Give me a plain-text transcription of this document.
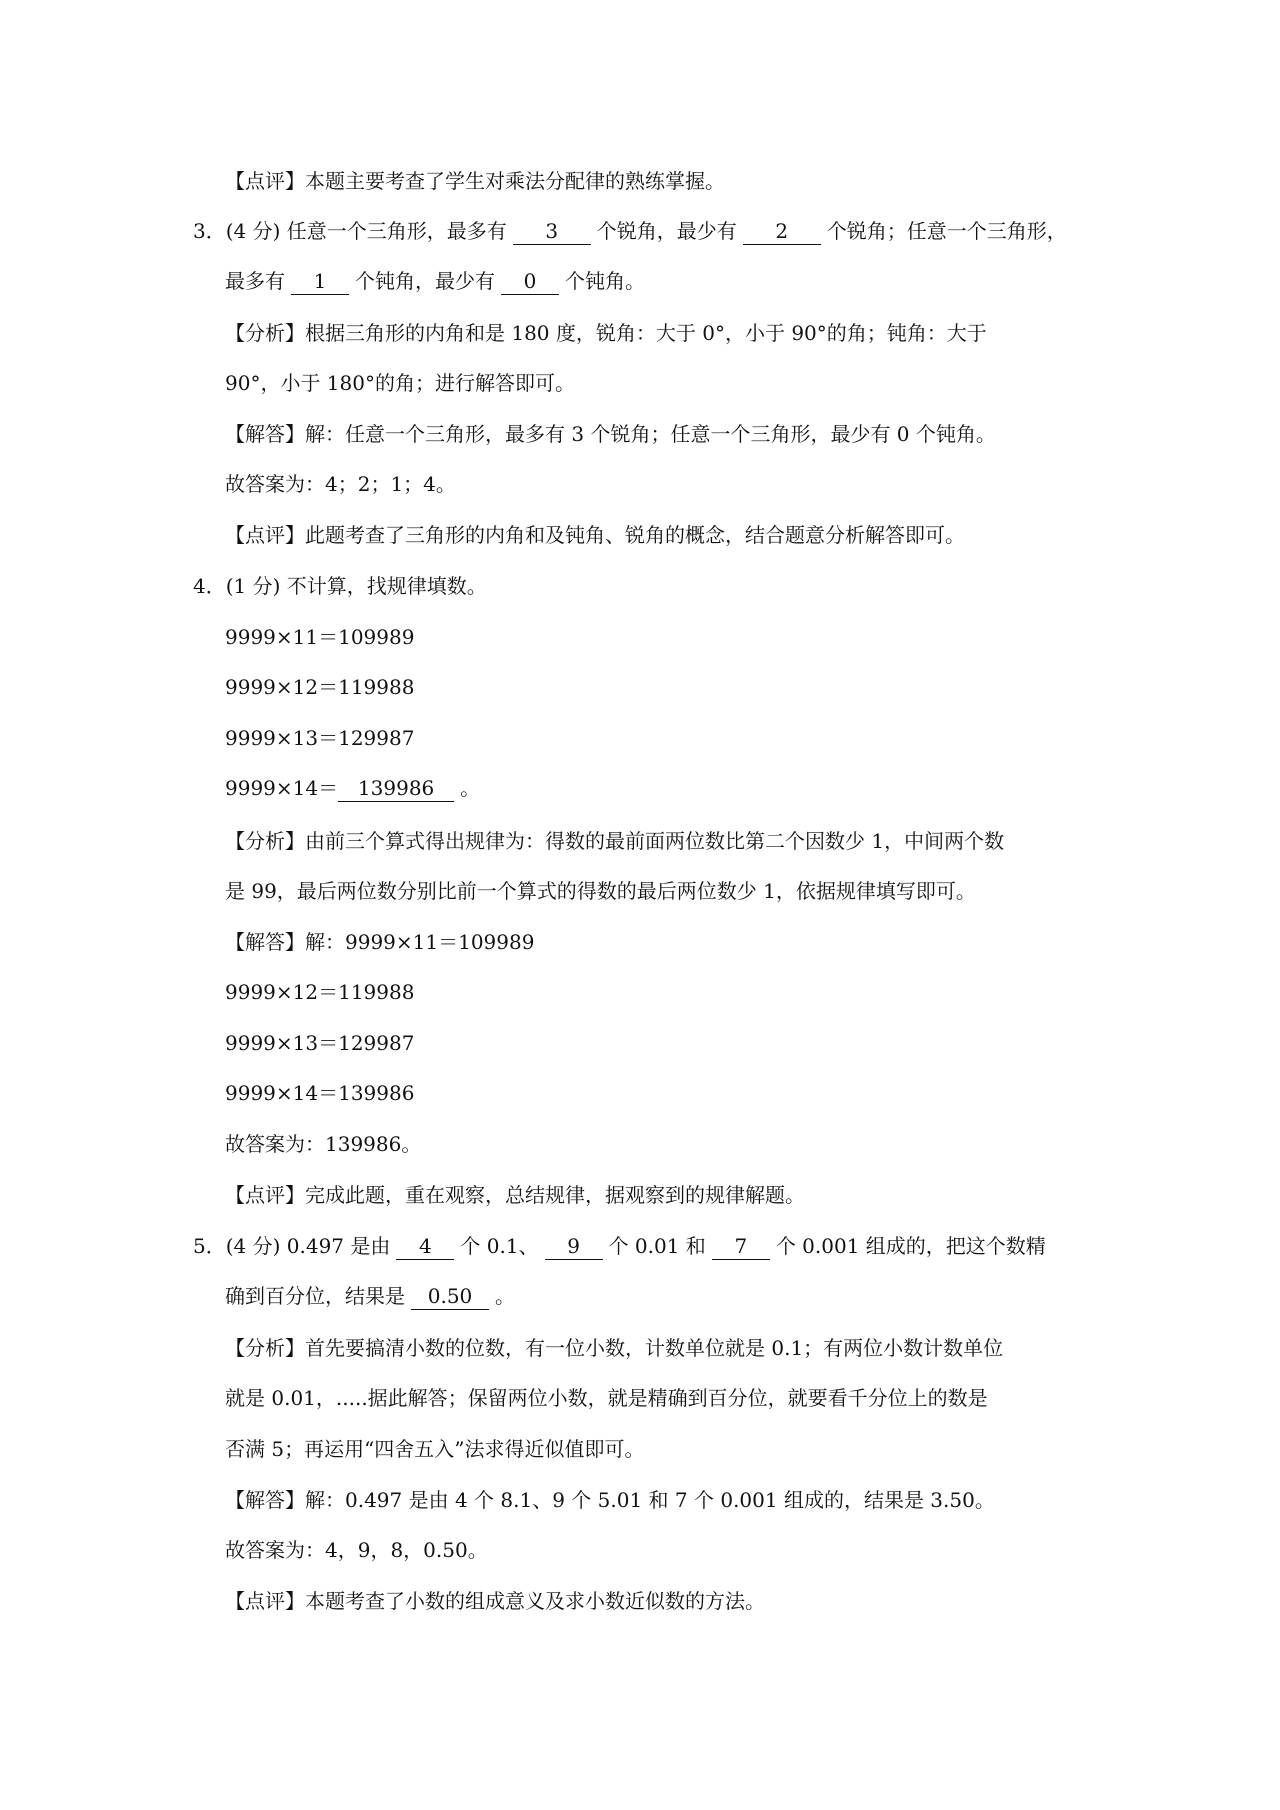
【点评】本题主要考查了学生对乘法分配律的熟练掌握。
3．(4 分) 任意一个三角形，最多有 3 个锐角，最少有 2 个锐角；任意一个三角形，
最多有 1 个钝角，最少有 0 个钝角。
【分析】根据三角形的内角和是 180 度，锐角：大于 0°，小于 90°的角；钝角：大于
90°，小于 180°的角；进行解答即可。
【解答】解：任意一个三角形，最多有 3 个锐角；任意一个三角形，最少有 0 个钝角。
故答案为：4；2；1；4。
【点评】此题考查了三角形的内角和及钝角、锐角的概念，结合题意分析解答即可。
4．(1 分) 不计算，找规律填数。
9999×11＝109989
9999×12＝119988
9999×13＝129987
9999×14＝ 139986 。
【分析】由前三个算式得出规律为：得数的最前面两位数比第二个因数少 1，中间两个数
是 99，最后两位数分别比前一个算式的得数的最后两位数少 1，依据规律填写即可。
【解答】解：9999×11＝109989
9999×12＝119988
9999×13＝129987
9999×14＝139986
故答案为：139986。
【点评】完成此题，重在观察，总结规律，据观察到的规律解题。
5．(4 分) 0.497 是由 4 个 0.1、 9 个 0.01 和 7 个 0.001 组成的，把这个数精
确到百分位，结果是 0.50 。
【分析】首先要搞清小数的位数，有一位小数，计数单位就是 0.1；有两位小数计数单位
就是 0.01，.....据此解答；保留两位小数，就是精确到百分位，就要看千分位上的数是
否满 5；再运用“四舍五入”法求得近似值即可。
【解答】解：0.497 是由 4 个 8.1、9 个 5.01 和 7 个 0.001 组成的，结果是 3.50。
故答案为：4，9，8，0.50。
【点评】本题考查了小数的组成意义及求小数近似数的方法。
